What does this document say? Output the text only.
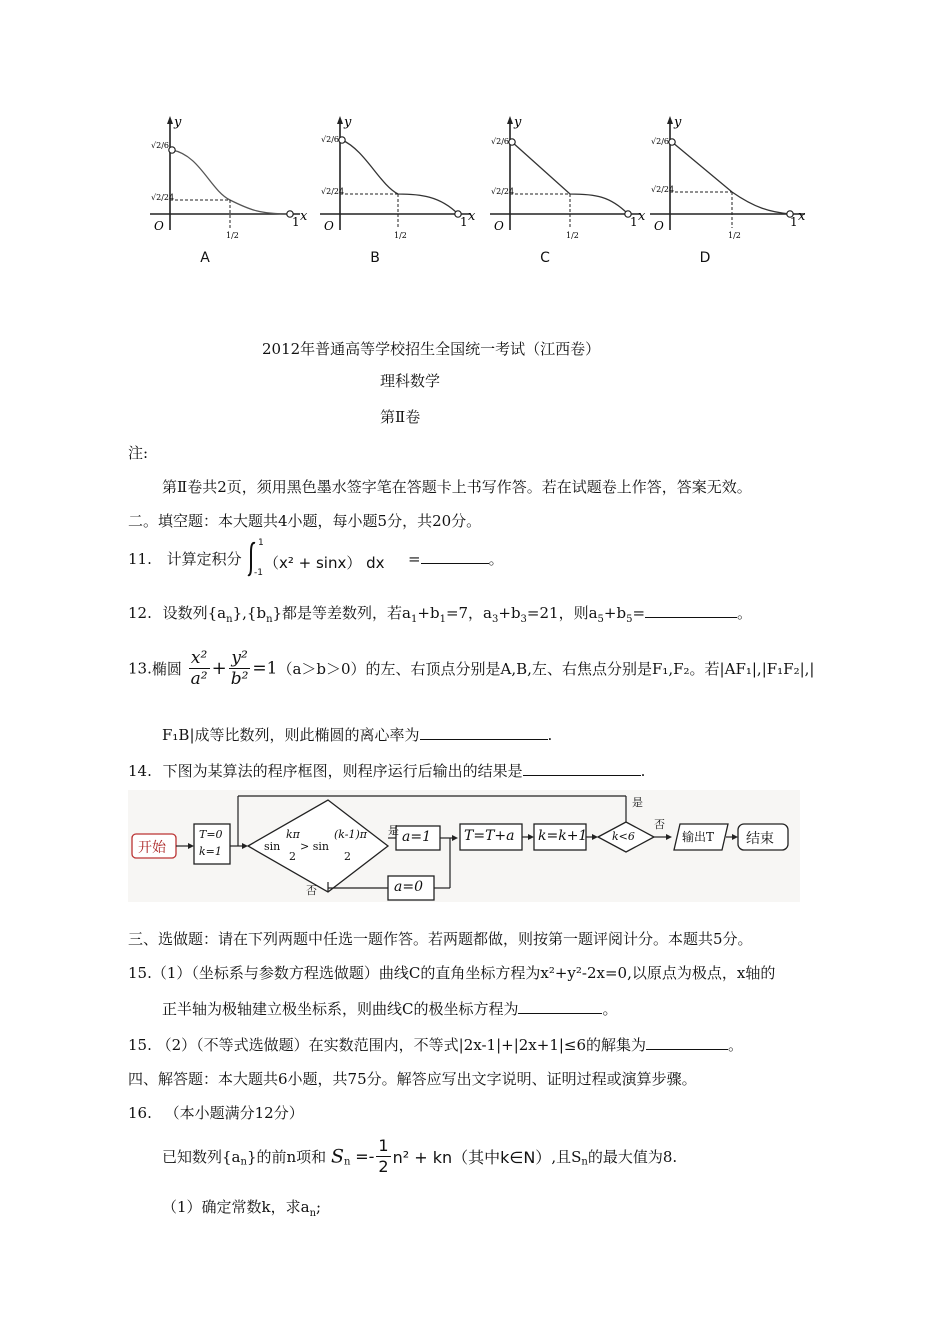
√2/6
√2/24
1/2
1 x
y
O
A
√2/6
√2/24
1/2
1 x
y
O
B
√2/6
√2/24
1/2
1 x
y
O
C
√2/6
√2/24
1/2
1 x
y
O
D
2012年普通高等学校招生全国统一考试（江西卷）
理科数学
第Ⅱ卷
注:
第Ⅱ卷共2页，须用黑色墨水签字笔在答题卡上书写作答。若在试题卷上作答，答案无效。
二。填空题：本大题共4小题，每小题5分，共20分。
11. 计算定积分
1
-1
（x² + sinx） dx =	。
12. 设数列$\{a_n\},\{b_n\}$都是等差数列，若$a_1+b_1=7$，$a_3+b_3=21$，则$a_5+b_5=$	。
13.椭圆 $\frac{\text{x²}}{\text{a²}} + \frac{\text{y²}}{\text{b²}} =1(a>b>0)$的左、右顶点分别是A,B,左、右焦点分别是F₁,F₂。若|AF₁|,|F₁F₂|,|
F₁B|成等比数列，则此椭圆的离心率为	.
14. 下图为某算法的程序框图，则程序运行后输出的结果是	.
开始
T=0
k=1	sin
kπ
2
> sin
(k-1)π
2
是
否
a=1
a=0
T=T+a k=k+1 k<6
是
否
输出T 结束
三、选做题：请在下列两题中任选一题作答。若两题都做，则按第一题评阅计分。本题共5分。
15.（1）（坐标系与参数方程选做题）曲线C的直角坐标方程为x²+y²-2x=0,以原点为极点，x轴的
正半轴为极轴建立极坐标系，则曲线C的极坐标方程为	。
15. （2）（不等式选做题）在实数范围内，不等式|2x-1|+|2x+1|≤6的解集为	。
四、解答题：本大题共6小题，共75分。解答应写出文字说明、证明过程或演算步骤。
16. （本小题满分12分）
已知数列$\{a_n\}$的前n项和 $S_n =- \frac{1}{2} n^2 + kn$（其中k∈N）,且$S_n$的最大值为8.
（1）确定常数k，求$a_n$;
